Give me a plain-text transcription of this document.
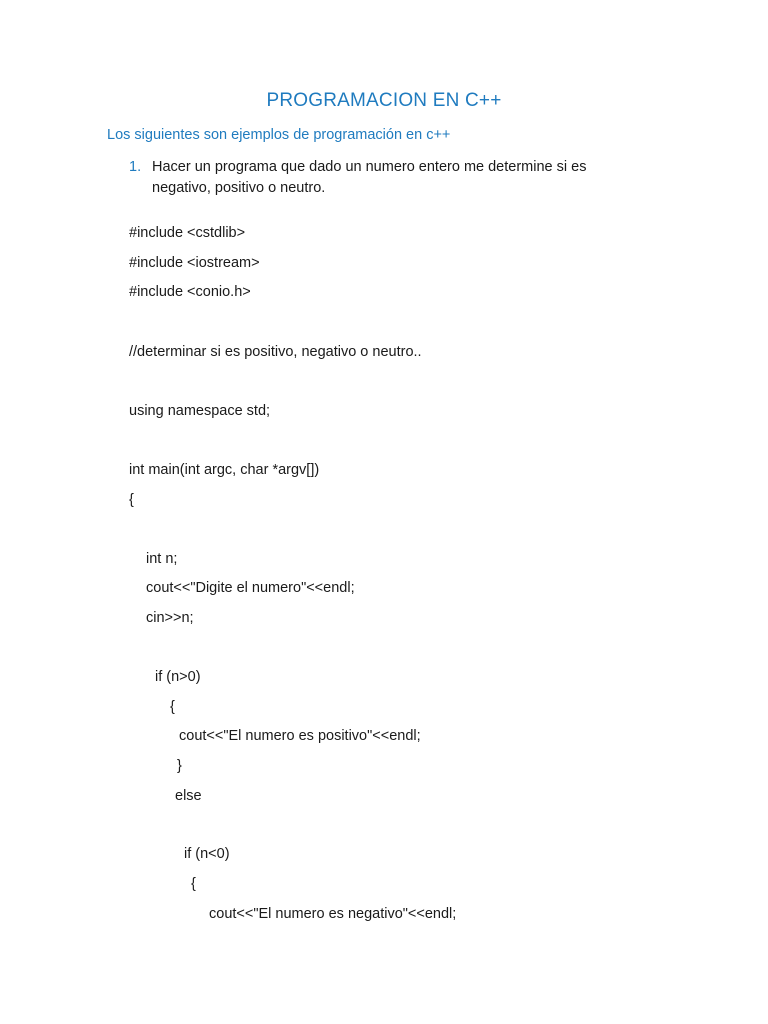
PROGRAMACION EN C++
Los siguientes son ejemplos de programación en c++
1. Hacer un programa que dado un numero entero me determine si es negativo, positivo o neutro.
#include <cstdlib>
#include <iostream>
#include <conio.h>
//determinar si es positivo, negativo o neutro..
using namespace std;
int main(int argc, char *argv[])
{
int n;
cout<<"Digite el numero"<<endl;
cin>>n;
if (n>0)
{
cout<<"El numero es positivo"<<endl;
}
else
if (n<0)
{
cout<<"El numero es negativo"<<endl;
